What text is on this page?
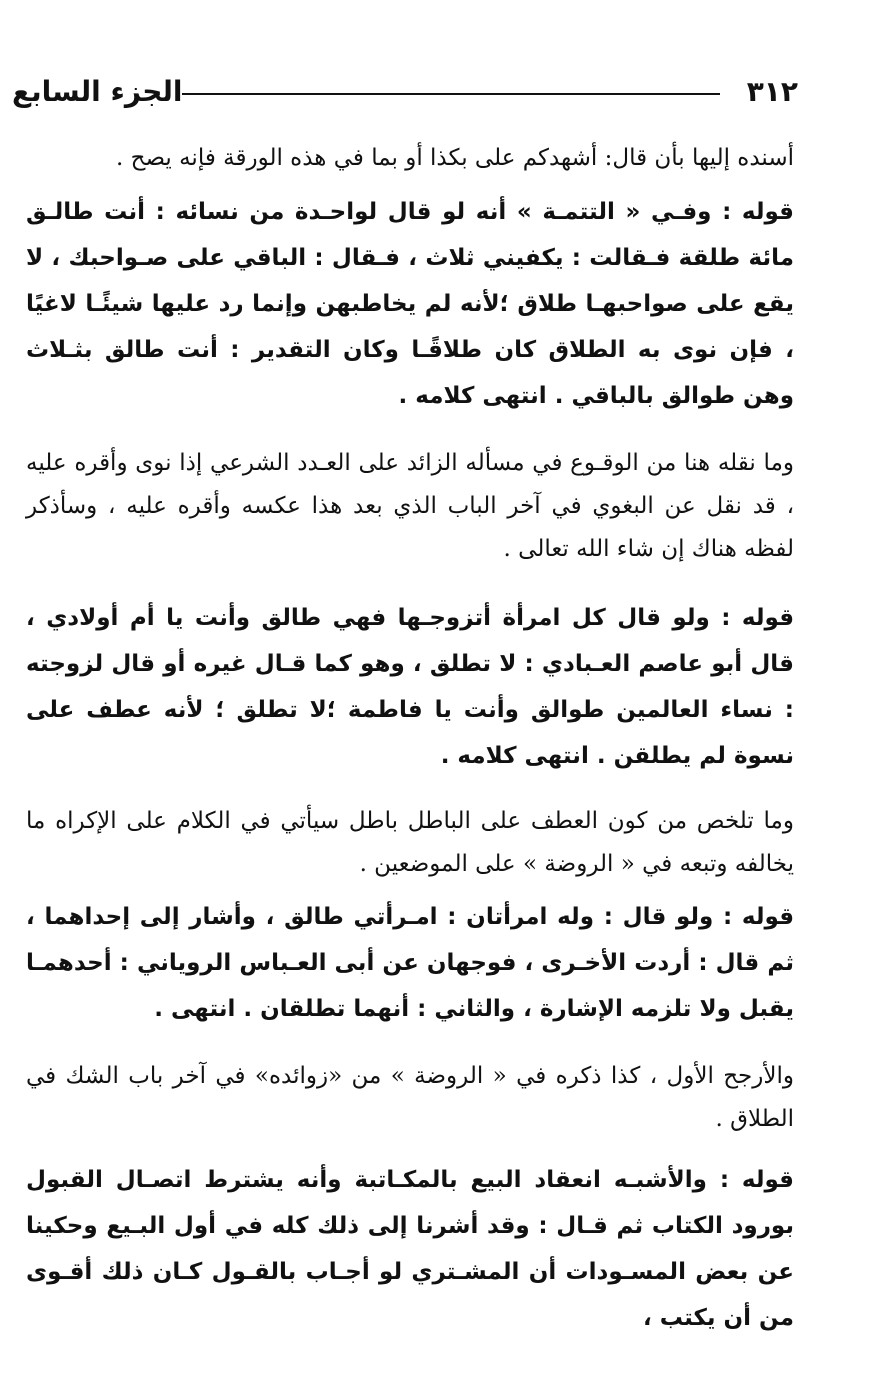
٣١٢
الجزء السابع

أسنده إليها بأن قال: أشهدكم على بكذا أو بما في هذه الورقة فإنه يصح .

قوله : وفـي « التتمـة » أنه لو قال لواحـدة من نسائه : أنت طالـق مائة طلقة فـقالت : يكفيني ثلاث ، فـقال : الباقي على صـواحبك ، لا يقع على صواحبهـا طلاق ؛لأنه لم يخاطبهن وإنما رد عليها شيئًـا لاغيًا ، فإن نوى به الطلاق كان طلاقًـا وكان التقدير : أنت طالق بثـلاث وهن طوالق بالباقي . انتهى كلامه .

وما نقله هنا من الوقـوع في مسأله الزائد على العـدد الشرعي إذا نوى وأقره عليه ، قد نقل عن البغوي في آخر الباب الذي بعد هذا عكسه وأقره عليه ، وسأذكر لفظه هناك إن شاء الله تعالى .

قوله : ولو قال كل امرأة أتزوجـها فهي طالق وأنت يا أم أولادي ، قال أبو عاصم العـبادي : لا تطلق ، وهو كما قـال غيره أو قال لزوجته : نساء العالمين طوالق وأنت يا فاطمة ؛لا تطلق ؛ لأنه عطف على نسوة لم يطلقن . انتهى كلامه .

وما تلخص من كون العطف على الباطل باطل سيأتي في الكلام على الإكراه ما يخالفه وتبعه في « الروضة » على الموضعين .

قوله : ولو قال : وله امرأتان : امـرأتي طالق ، وأشار إلى إحداهما ، ثم قال : أردت الأخـرى ، فوجهان عن أبى العـباس الروياني : أحدهمـا يقبل ولا تلزمه الإشارة ، والثاني : أنهما تطلقان . انتهى .

والأرجح الأول ، كذا ذكره في « الروضة » من «زوائده» في آخر باب الشك في الطلاق .

قوله : والأشبـه انعقاد البيع بالمكـاتبة وأنه يشترط اتصـال القبول بورود الكتاب ثم قـال : وقد أشرنا إلى ذلك كله في أول البـيع وحكينا عن بعض المسـودات أن المشـتري لو أجـاب بالقـول كـان ذلك أقـوى من أن يكتب ،
